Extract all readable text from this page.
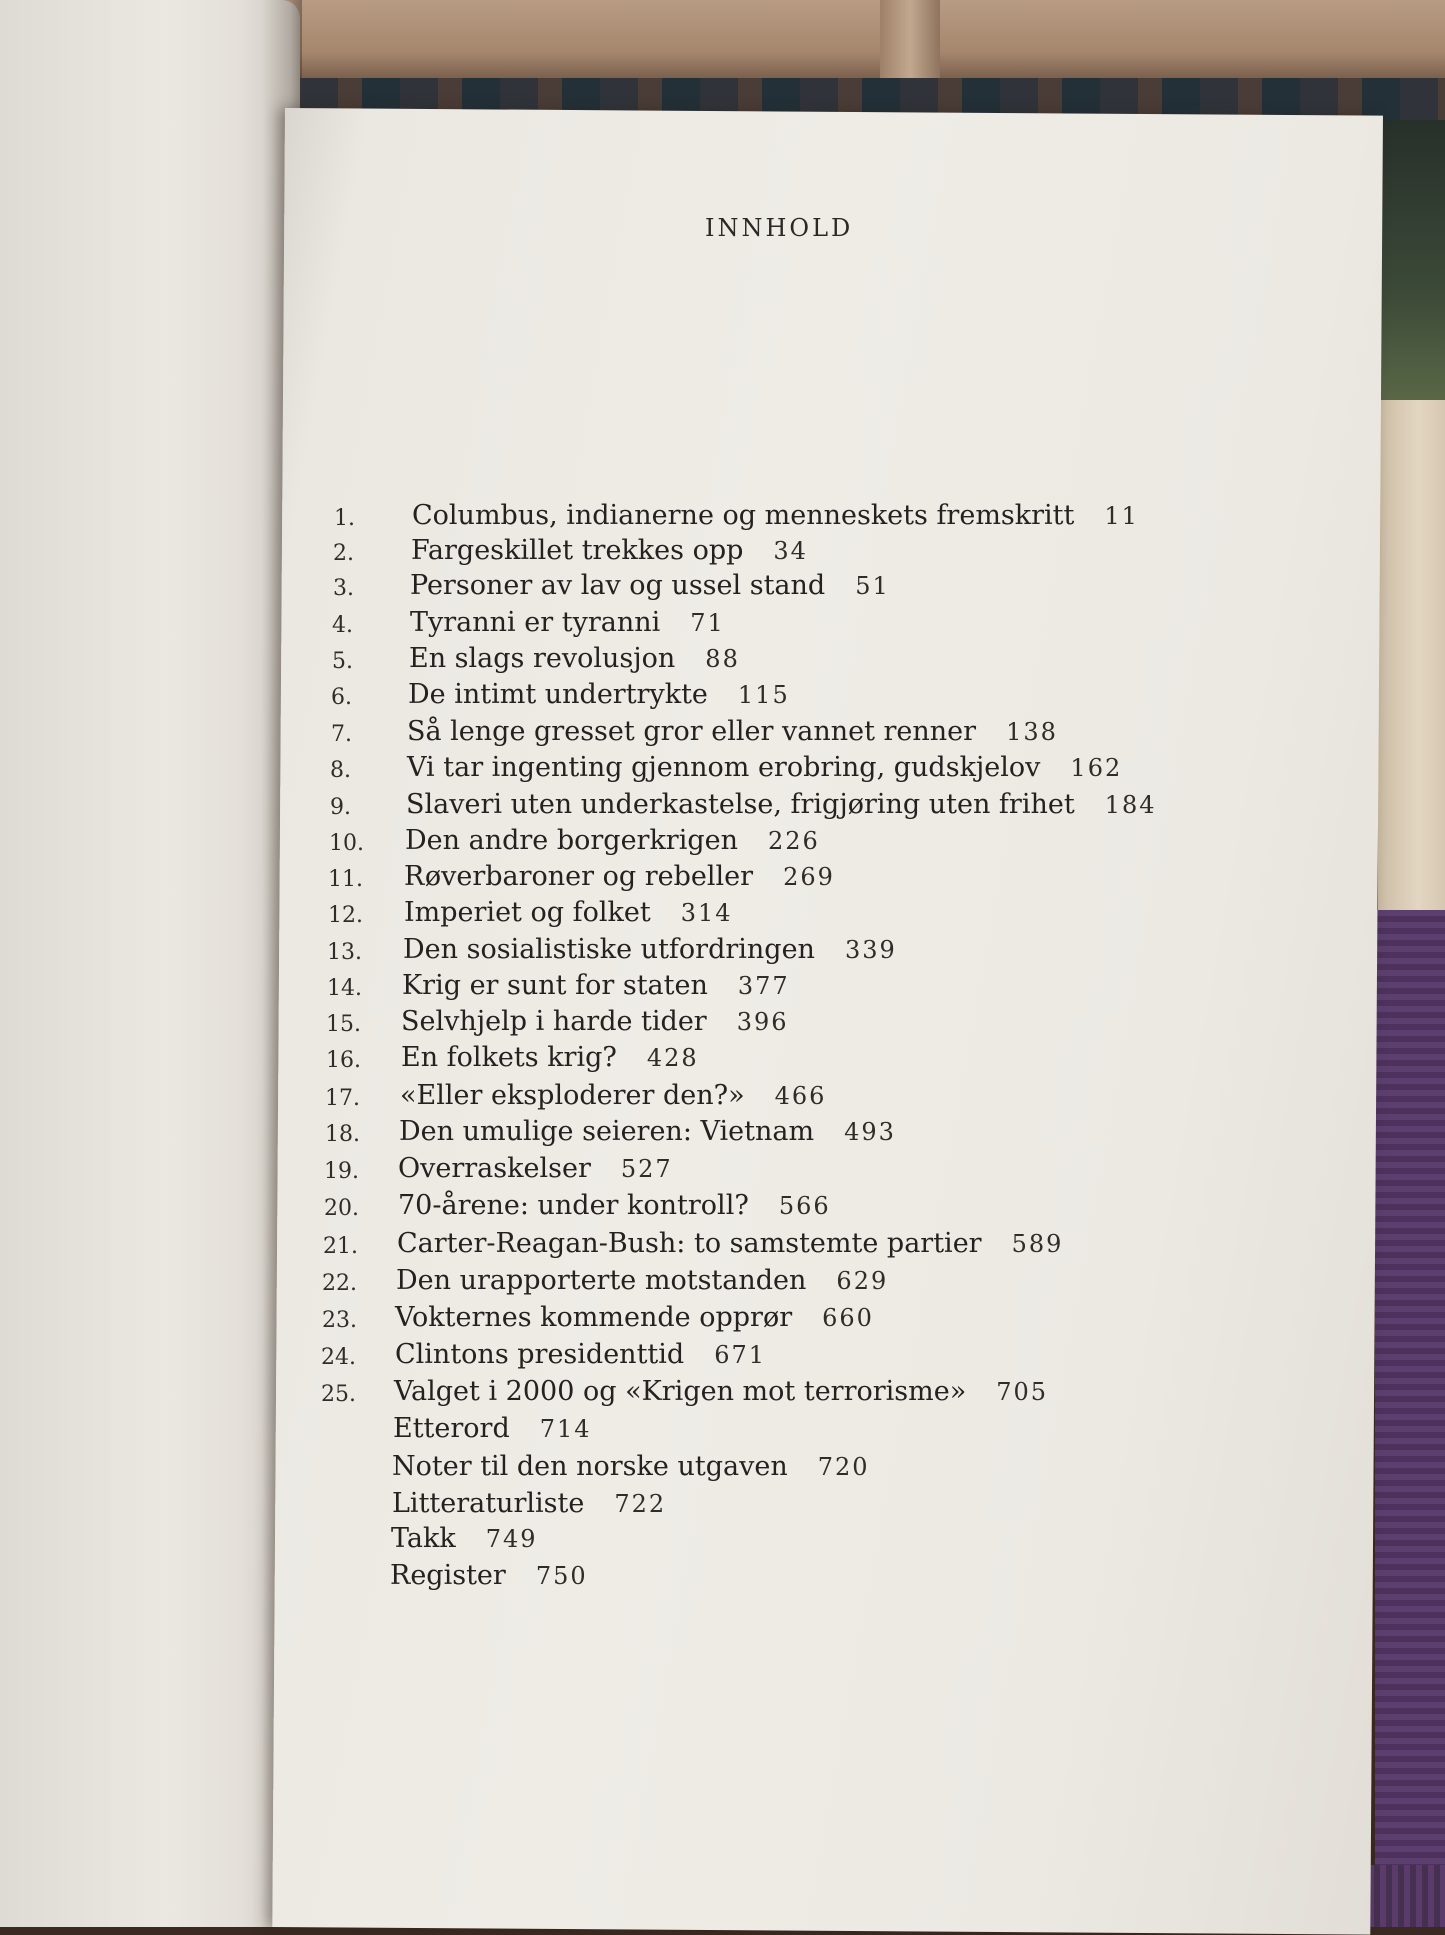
INNHOLD
1. Columbus, indianerne og menneskets fremskritt 11
2. Fargeskillet trekkes opp 34
3. Personer av lav og ussel stand 51
4. Tyranni er tyranni 71
5. En slags revolusjon 88
6. De intimt undertrykte 115
7. Så lenge gresset gror eller vannet renner 138
8. Vi tar ingenting gjennom erobring, gudskjelov 162
9. Slaveri uten underkastelse, frigjøring uten frihet 184
10. Den andre borgerkrigen 226
11. Røverbaroner og rebeller 269
12. Imperiet og folket 314
13. Den sosialistiske utfordringen 339
14. Krig er sunt for staten 377
15. Selvhjelp i harde tider 396
16. En folkets krig? 428
17. «Eller eksploderer den?» 466
18. Den umulige seieren: Vietnam 493
19. Overraskelser 527
20. 70-årene: under kontroll? 566
21. Carter-Reagan-Bush: to samstemte partier 589
22. Den urapporterte motstanden 629
23. Vokternes kommende opprør 660
24. Clintons presidenttid 671
25. Valget i 2000 og «Krigen mot terrorisme» 705
Etterord 714
Noter til den norske utgaven 720
Litteraturliste 722
Takk 749
Register 750
